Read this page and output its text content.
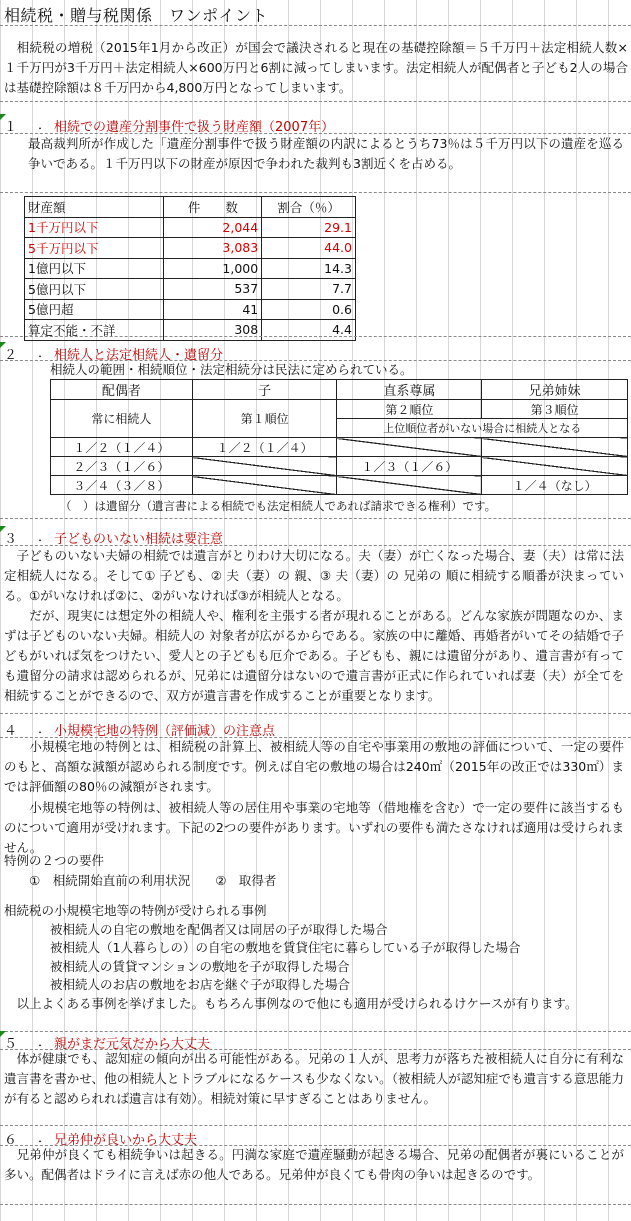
相続税・贈与税関係　ワンポイント
　相続税の増税（2015年1月から改正）が国会で議決されると現在の基礎控除額＝５千万円＋法定相続人数×１千万円が3千万円＋法定相続人×600万円と6割に減ってしまいます。法定相続人が配偶者と子ども2人の場合は基礎控除額は８千万円から4,800万円となってしまいます。
１ ． 相続での遺産分割事件で扱う財産額（2007年）
最高裁判所が作成した「遺産分割事件で扱う財産額の内訳によるとうち73％は５千万円以下の遺産を巡る争いである。１千万円以下の財産が原因で争われた裁判も3割近くを占める。
財産額	件　　数	割合（％）
1千万円以下	2,044	29.1
5千万円以下	3,083	44.0
1億円以下	1,000	14.3
5億円以下	537	7.7
5億円超	41	0.6
算定不能・不詳	308	4.4
２ ． 相続人と法定相続人・遺留分
相続人の範囲・相続順位・法定相続分は民法に定められている。
配偶者	子	直系尊属	兄弟姉妹
常に相続人	第１順位	第２順位	第３順位
		上位順位者がいない場合に相続人となる	
１／２（１／４）	１／２（１／４）		
２／３（１／６）		１／３（１／６）	
３／４（３／８）			１／４（なし）
（　）は遺留分（遺言書による相続でも法定相続人であれば請求できる権利）です。
３ ． 子どものいない相続は要注意
　子どものいない夫婦の相続では遺言がとりわけ大切になる。夫（妻）が亡くなった場合、妻（夫）は常に法定相続人になる。そして① 子ども、② 夫（妻）の 親、③ 夫（妻）の 兄弟の 順に相続する順番が決まっている。①がいなければ②に、②がいなければ③が相続人となる。
　　だが、現実には想定外の相続人や、権利を主張する者が現れることがある。どんな家族が問題なのか、まずは子どものいない夫婦。相続人の 対象者が広がるからである。家族の中に離婚、再婚者がいてその結婚で子どもがいれば気をつけたい、愛人との子どもも厄介である。子どもも、親には遺留分があり、遺言書が有っても遺留分の請求は認められるが、兄弟には遺留分はないので遺言書が正式に作られていれば妻（夫）が全てを相続することができるので、双方が遺言書を作成することが重要となります。
４ ． 小規模宅地の特例（評価減）の注意点
　　小規模宅地の特例とは、相続税の計算上、被相続人等の自宅や事業用の敷地の評価について、一定の要件のもと、高額な減額が認められる制度です。例えば自宅の敷地の場合は240㎡（2015年の改正では330㎡）までは評価額の80％の減額がされます。
　　小規模宅地等の特例は、被相続人等の居住用や事業の宅地等（借地権を含む）で一定の要件に該当するものについて適用が受けれます。下記の2つの要件があります。いずれの要件も満たさなければ適用は受けられません。
特例の２つの要件
　　①　相続開始直前の利用状況　　②　取得者
相続税の小規模宅地等の特例が受けられる事例
被相続人の自宅の敷地を配偶者又は同居の子が取得した場合
被相続人（1人暮らしの）の自宅の敷地を賃貸住宅に暮らしている子が取得した場合
被相続人の賃貸マンションの敷地を子が取得した場合
被相続人のお店の敷地をお店を継ぐ子が取得した場合
　以上よくある事例を挙げました。もちろん事例なので他にも適用が受けられるけケースが有ります。
５ ． 親がまだ元気だから大丈夫
　体が健康でも、認知症の傾向が出る可能性がある。兄弟の１人が、思考力が落ちた被相続人に自分に有利な遺言書を書かせ、他の相続人とトラブルになるケースも少なくない。（被相続人が認知症でも遺言する意思能力が有ると認められれば遺言は有効）。相続対策に早すぎることはありません。
６ ． 兄弟仲が良いから大丈夫
　兄弟仲が良くても相続争いは起きる。円満な家庭で遺産騒動が起きる場合、兄弟の配偶者が裏にいることが多い。配偶者はドライに言えば赤の他人である。兄弟仲が良くても骨肉の争いは起きるのです。
